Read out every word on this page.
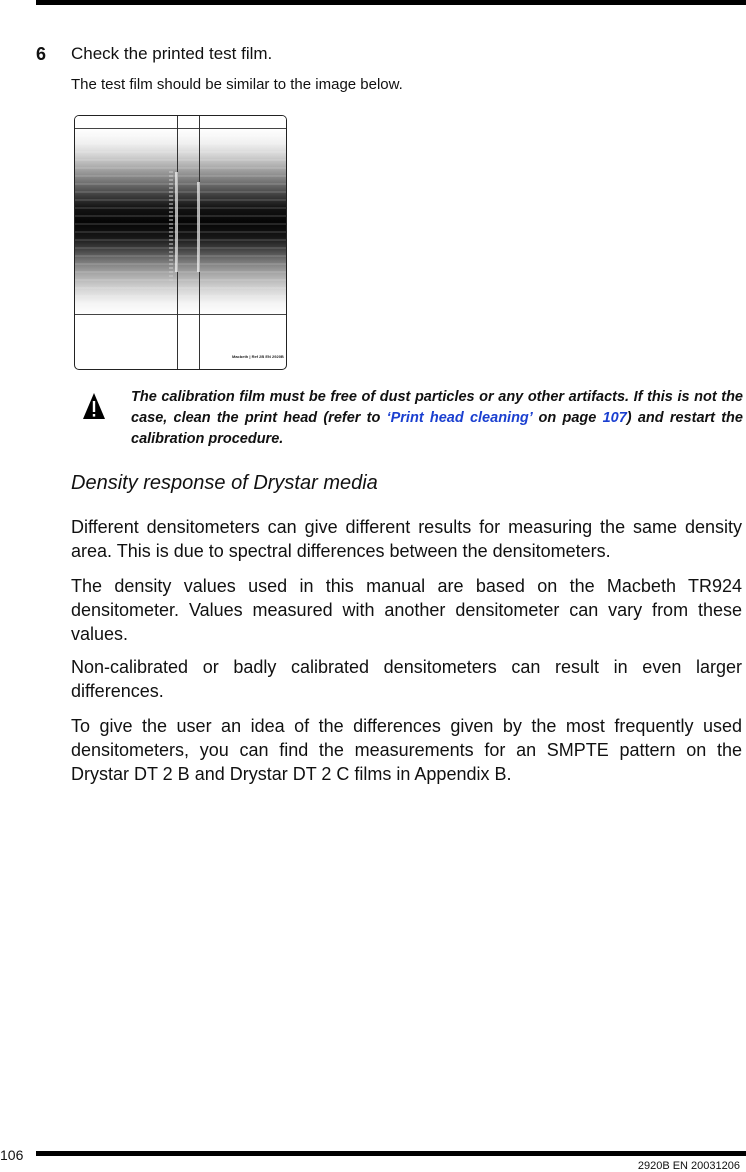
6 Check the printed test film.
The test film should be similar to the image below.
Macbeth | Ref 2B EN 2920B
The calibration film must be free of dust particles or any other artifacts. If this is not the case, clean the print head (refer to ‘Print head cleaning’ on page 107) and restart the calibration procedure.
Density response of Drystar media

Different densitometers can give different results for measuring the same density area. This is due to spectral differences between the densitometers.

The density values used in this manual are based on the Macbeth TR924 densitometer. Values measured with another densitometer can vary from these values.

Non-calibrated or badly calibrated densitometers can result in even larger differences.

To give the user an idea of the differences given by the most frequently used densitometers, you can find the measurements for an SMPTE pattern on the Drystar DT 2 B and Drystar DT 2 C films in Appendix B.

106
2920B EN 20031206
